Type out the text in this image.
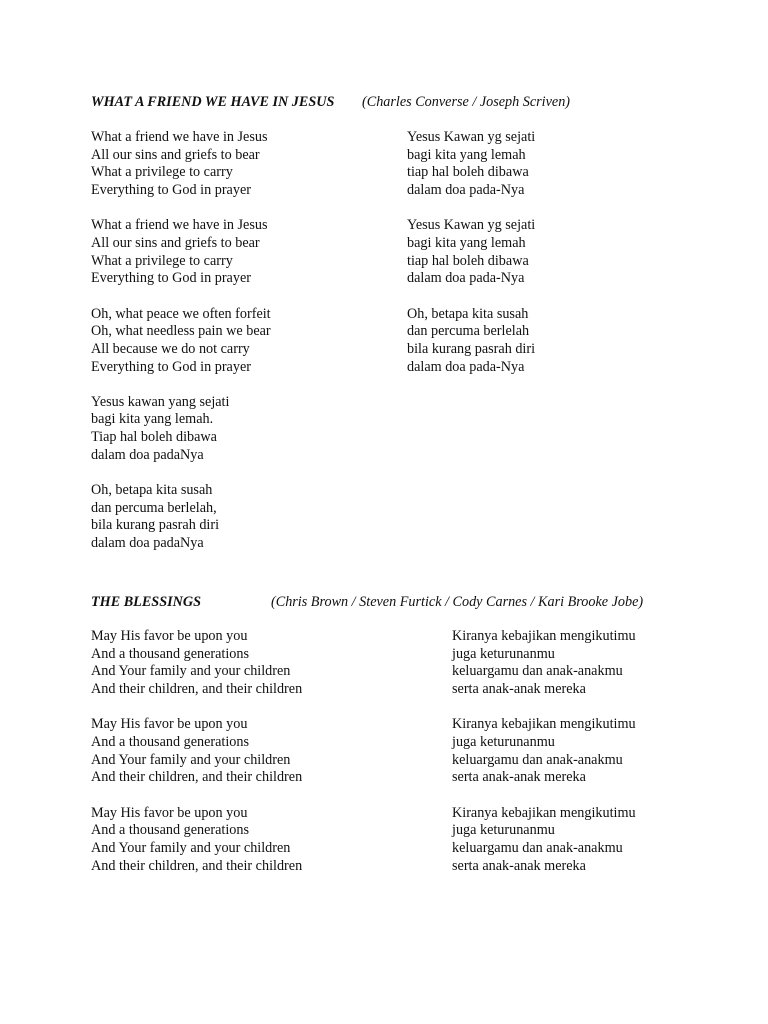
WHAT A FRIEND WE HAVE IN JESUS (Charles Converse / Joseph Scriven)
What a friend we have in Jesus
All our sins and griefs to bear
What a privilege to carry
Everything to God in prayer
What a friend we have in Jesus
All our sins and griefs to bear
What a privilege to carry
Everything to God in prayer
Oh, what peace we often forfeit
Oh, what needless pain we bear
All because we do not carry
Everything to God in prayer
Yesus kawan yang sejati
bagi kita yang lemah.
Tiap hal boleh dibawa
dalam doa padaNya
Oh, betapa kita susah
dan percuma berlelah,
bila kurang pasrah diri
dalam doa padaNya
Yesus Kawan yg sejati
bagi kita yang lemah
tiap hal boleh dibawa
dalam doa pada-Nya
Yesus Kawan yg sejati
bagi kita yang lemah
tiap hal boleh dibawa
dalam doa pada-Nya
Oh, betapa kita susah
dan percuma berlelah
bila kurang pasrah diri
dalam doa pada-Nya
THE BLESSINGS	(Chris Brown / Steven Furtick / Cody Carnes / Kari Brooke Jobe)
May His favor be upon you
And a thousand generations
And Your family and your children
And their children, and their children
May His favor be upon you
And a thousand generations
And Your family and your children
And their children, and their children
May His favor be upon you
And a thousand generations
And Your family and your children
And their children, and their children
Kiranya kebajikan mengikutimu
juga keturunanmu
keluargamu dan anak-anakmu
serta anak-anak mereka
Kiranya kebajikan mengikutimu
juga keturunanmu
keluargamu dan anak-anakmu
serta anak-anak mereka
Kiranya kebajikan mengikutimu
juga keturunanmu
keluargamu dan anak-anakmu
serta anak-anak mereka
